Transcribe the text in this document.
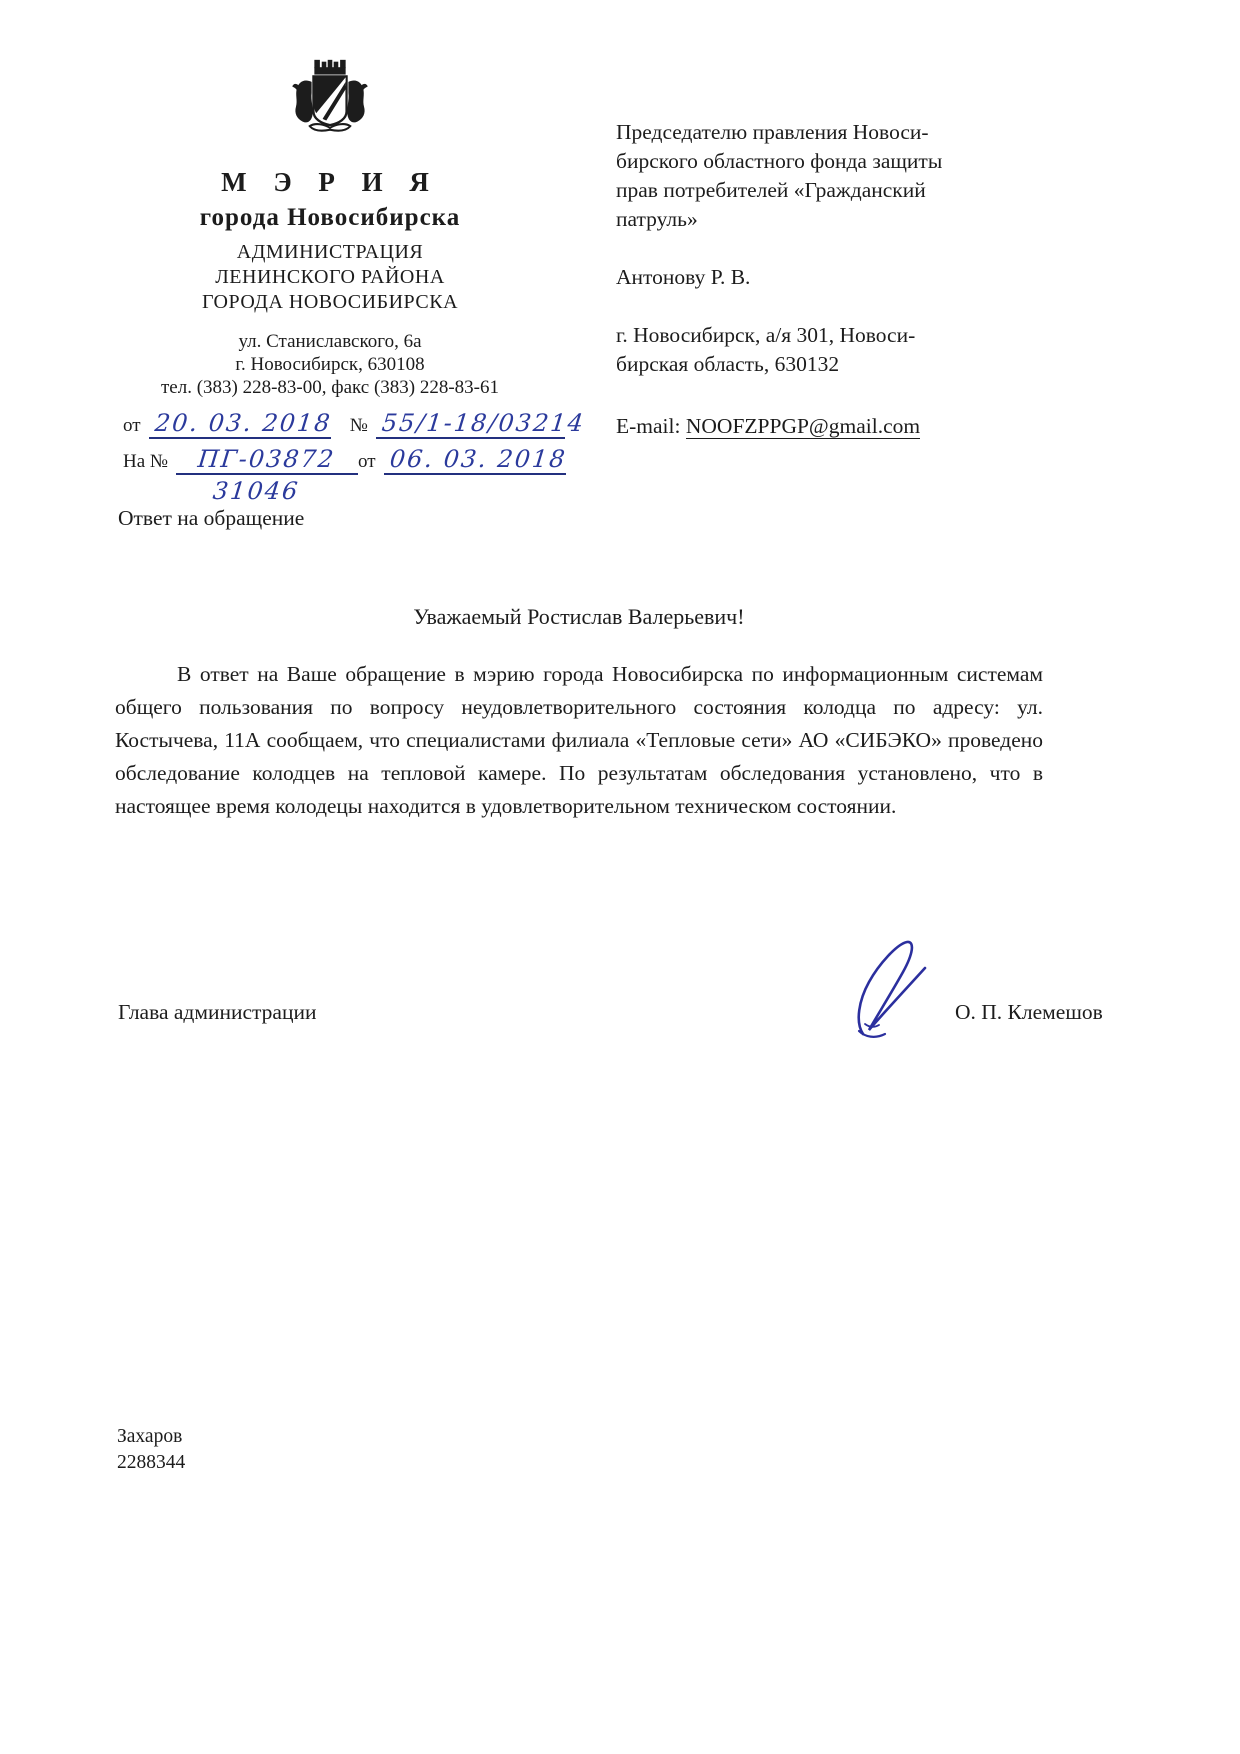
М Э Р И Я
города Новосибирска
АДМИНИСТРАЦИЯ
ЛЕНИНСКОГО РАЙОНА
ГОРОДА НОВОСИБИРСКА
ул. Станиславского, 6а
г. Новосибирск, 630108
тел. (383) 228-83-00, факс (383) 228-83-61
от 20. 03. 2018 № 55/1-18/03214
На №	ПГ-03872	от 06. 03. 2018
31046
Председателю правления Новоси-
бирского областного фонда защиты
прав потребителей «Гражданский
патруль»
Антонову Р. В.
г. Новосибирск, а/я 301, Новоси-
бирская область, 630132
E-mail: NOOFZPPGP@gmail.com
Ответ на обращение
Уважаемый Ростислав Валерьевич!
В ответ на Ваше обращение в мэрию города Новосибирска по информационным системам общего пользования по вопросу неудовлетворительного состояния колодца по адресу: ул. Костычева, 11А сообщаем, что специалистами филиала «Тепловые сети» АО «СИБЭКО» проведено обследование колодцев на тепловой камере. По результатам обследования установлено, что в настоящее время колодецы находится в удовлетворительном техническом состоянии.
Глава администрации	О. П. Клемешов
Захаров
2288344
